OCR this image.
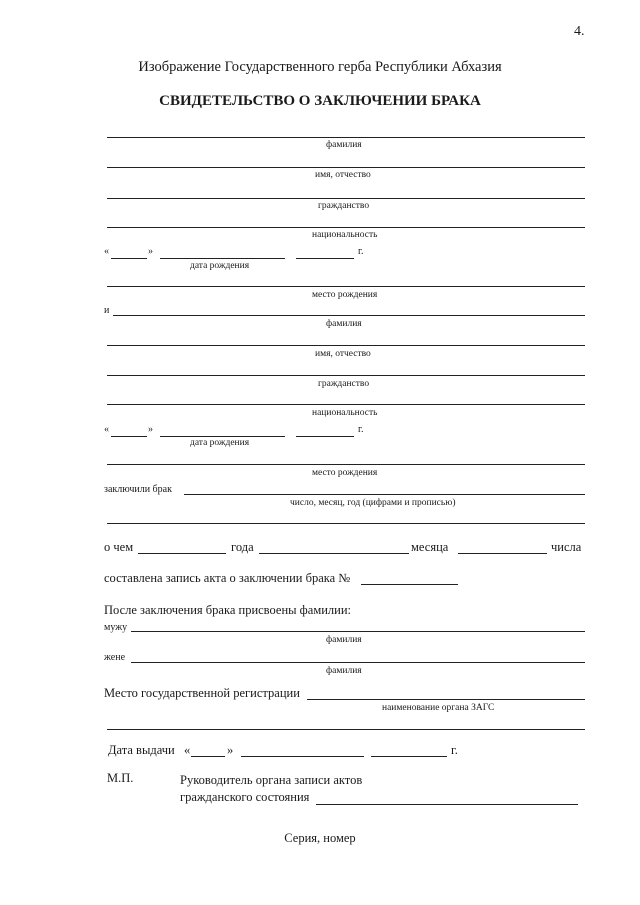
4.
Изображение Государственного герба Республики Абхазия
СВИДЕТЕЛЬСТВО О ЗАКЛЮЧЕНИИ БРАКА
фамилия
имя, отчество
гражданство
национальность
«	»	г.
дата рождения
место рождения
и
фамилия
имя, отчество
гражданство
национальность
«	»	г.
дата рождения
место рождения
заключили брак
число, месяц, год (цифрами и прописью)
о чем	года	месяца	числа
составлена запись акта о заключении брака №
После заключения брака присвоены фамилии:
мужу
фамилия
жене
фамилия
Место государственной регистрации
наименование органа ЗАГС
Дата выдачи «	»	г.
М.П.	Руководитель органа записи актов
гражданского состояния
Серия, номер
